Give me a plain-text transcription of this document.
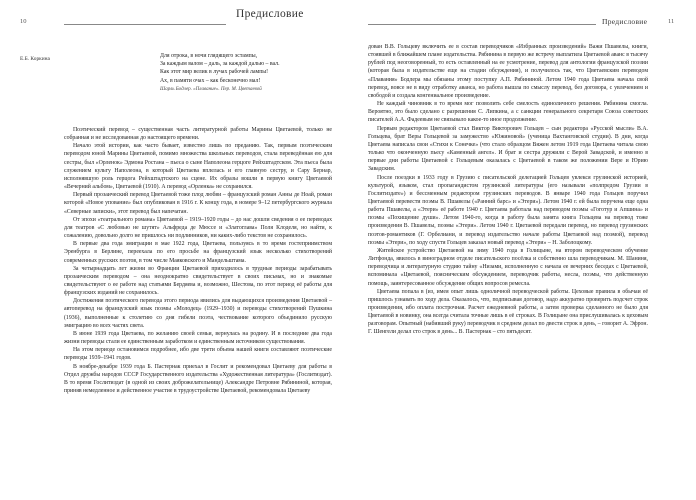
10
Предисловие
Е.Б. Коркина	Для отрока, в ночи глядящего эстампы,
За каждым валом – даль, за каждой далью – вал.
Как этот мир велик в лучах рабочей лампы!
Ах, в памяти очах – как бесконечно мал!
Шарль Бодлер. «Плавание». Пер. М. Цветаевой

Поэтический перевод – существенная часть литературной работы Марины Цветаевой, только не собранная и не исследованная до настоящего времени.

Начало этой истории, как часто бывает, известно лишь по преданию. Так, первым поэтическим переводом юной Марины Цветаевой, помимо множества школьных переводов, стала переведённая ею для сестры, был «Орленок» Эдмона Ростана – пьеса о сыне Наполеона герцоге Рейхштадтском. Эта пьеса была служением культу Наполеона, в который Цветаева вплелась и его главную сестру, и Сару Бернар, исполнявшую роль герцога Рейхштадтского на сцене. Их образы вошли в первую книгу Цветаевой «Вечерний альбом», Цветаевой (1910). А перевод «Орленка» не сохранился.

Первый прозаический перевод Цветаевой тоже плод любви – французский роман Анны де Ноай, роман которой «Новое упование» был опубликован в 1916 г. К концу года, в номере 9–12 петербургского журнала «Северные записки», этот перевод был напечатан.

От эпохи «театрального романа» Цветаевой – 1919–1920 годы – до нас дошли сведения о ее переводах для театров «С любовью не шутят» Альфреда де Мюссе и «Златоглава» Поля Клоделя, но найти, к сожалению, довольно долго не пришлось ни подлинников, ни каких-либо текстов не сохранилось.

В первые два года эмиграции в мае 1922 года, Цветаева, пользуясь в то время гостеприимством Эренбурга в Берлине, переехала по его просьбе на французский язык несколько стихотворений современных русских поэтов, в том числе Маяковского и Мандельштама.

За четырнадцать лет жизни во Франции Цветаевой приходилось в трудные периоды зарабатывать прозаическим переводом – она неоднократно свидетельствует в своих письмах, но и знакомые свидетельствуют о ее работе над статьями Бердяева и, возможно, Шестова, по этот период её работы для французских изданий не сохранилось.

Достижения поэтического перевода этого периода явились для выдающихся произведения Цветаевой – автоперевод на французский язык поэмы «Молодец» (1929–1930) и переводы стихотворений Пушкина (1936), выполненные к столетию со дня гибели поэта, чествование которого объединило русскую эмиграцию во всех частях света.

В июне 1939 года Цветаева, по желанию своей семьи, вернулась на родину. И в последние два года жизни переводы стали ее единственным заработком и единственным источником существования.

На этом периоде остановимся подробнее, ибо две трети объема нашей книги составляют поэтические переводы 1939–1941 годов.

В ноябре-декабре 1939 года Б. Пастернак приехал в Гослит и рекомендовал Цветаеву для работы в Отдел дружбы народов СССР Государственного издательства «Художественная литература» (Гослитиздат). В то время Гослитиздат (в одной из своих доброжелательнице) Александре Петровне Рябининой, которая, приняв немедленное и действенное участие в трудоустройстве Цветаевой, рекомендовала Цветаеву

Предисловие	11

дован В.В. Гольцеву включить ее в состав переводчиков «Избранных произведений» Важи Пшавелы, книги, стоявшей в ближайшем плане издательства. Рябинина в первую же встречу выплатила Цветаевой аванс в тысячу рублей под неоговоренный, то есть оставленный на ее усмотрение, перевод для антологии французской поэзии (которая была в издательстве еще на стадии обсуждения), и получилось так, что Цветаевским переводом «Плавания» Бодлера мы обязаны этому поступку А.П. Рябининой. Летом 1940 года Цветаева начала свой перевод, вовсе не в виду отработку аванса, но работа вышла по смыслу перевод, без договора, с увлечением и свободой и создала конгениальное произведение.

Не каждый чиновник в то время мог позволить себе смелость единоличного решения. Рябинина смогла. Вероятно, это было сделано с разрешения С. Липкина, а с санкции генерального секретаря Союза советских писателей А.А. Фадеевым не связывало какое-то иное продолжение.

Первым редактором Цветаевой стал Виктор Викторович Гольцев – сын редактора «Русской мысли» В.А. Гольцева, брат Веры Гольцевой за замужество «Южиновой» (ученица Вахтанговской студии). В дни, когда Цветаева написала свои «Стихи к Сонечке» (что стало образцом Вяжен летом 1919 года Цветаева читала свою только что оконченную пьесу «Каменный ангел». И брат и сестра дружили с Верой Завадской, и именно в первые дни работы Цветаевой с Гольцевым оказалась с Цветаевой в таком же положении Вере и Юрию Завадским.

После поездки в 1933 году в Грузию с писательской делегацией Гольцев увлекся грузинской историей, культурой, языком, стал пропагандистом грузинской литературы (его называли «полпредом Грузии в Гослитиздате») и бессменным редактором грузинских переводов. В январе 1940 года Гольцев поручил Цветаевой перевести поэмы В. Пшавелы («Ранний барс» и «Этери»). Летом 1940 г. ей была поручена еще одна работа Пшавелы, а «Этери» её работе 1940 г. Цветаева работала над переводом поэмы «Гоготур и Апшина» и поэмы «Похищение души». Летом 1940-го, когда в работу была занята книга Гольцева на перевод тоже произведения В. Пшавелы, поэмы «Этери». Летом 1940 г. Цветаевой передали перевод, но перевод грузинских поэтов-романтиков (Г. Орбелиани, и перевод издательство начале работы Цветаевой над поэмой), перевод поэмы «Этери», по ходу спустя Гольцев заказал новый перевод «Этери» – Н. Заболоцкому.

Житейское устройство Цветаевой на зиму 1940 года в Голицыне, на втором переводческом обучение Литфонда, явилось в виноградном отделе писательского посёлка и собственно шла переводчикам. М. Шаниня, переводчица и литературную студию тайну «Низами, исполненную с начала ее вечерних беседах с Цветаевой, вспоминала «Цветаевой, поясническим обсуждением, переводчик работы, несла, поэмы, что действенную помощь, заинтересованное обсуждение общих вопросов ремесла.

Цветаева попала в (из, имея опыт лишь одноличной переводческой работы. Цеховые правила в обычаи её пришлось узнавать по ходу дела. Оказалось, что, подписывая договор, надо аккуратно проверить подсчет строк произведения, ибо оплата построчная. Расчет ежедневной работы, а затем проверка сделанного не было для Цветаевой в новинку, она всегда считала точные лишь в её строках. В Голицыне она прислушивалась к цеховым разговорам. Опытный (набивший руку) переводчик в среднем делал по двести строк в день, – говорит А. Эфрон. Г. Шенгели делал сто строк в день... В. Пастернак – сто пятьдесят.
